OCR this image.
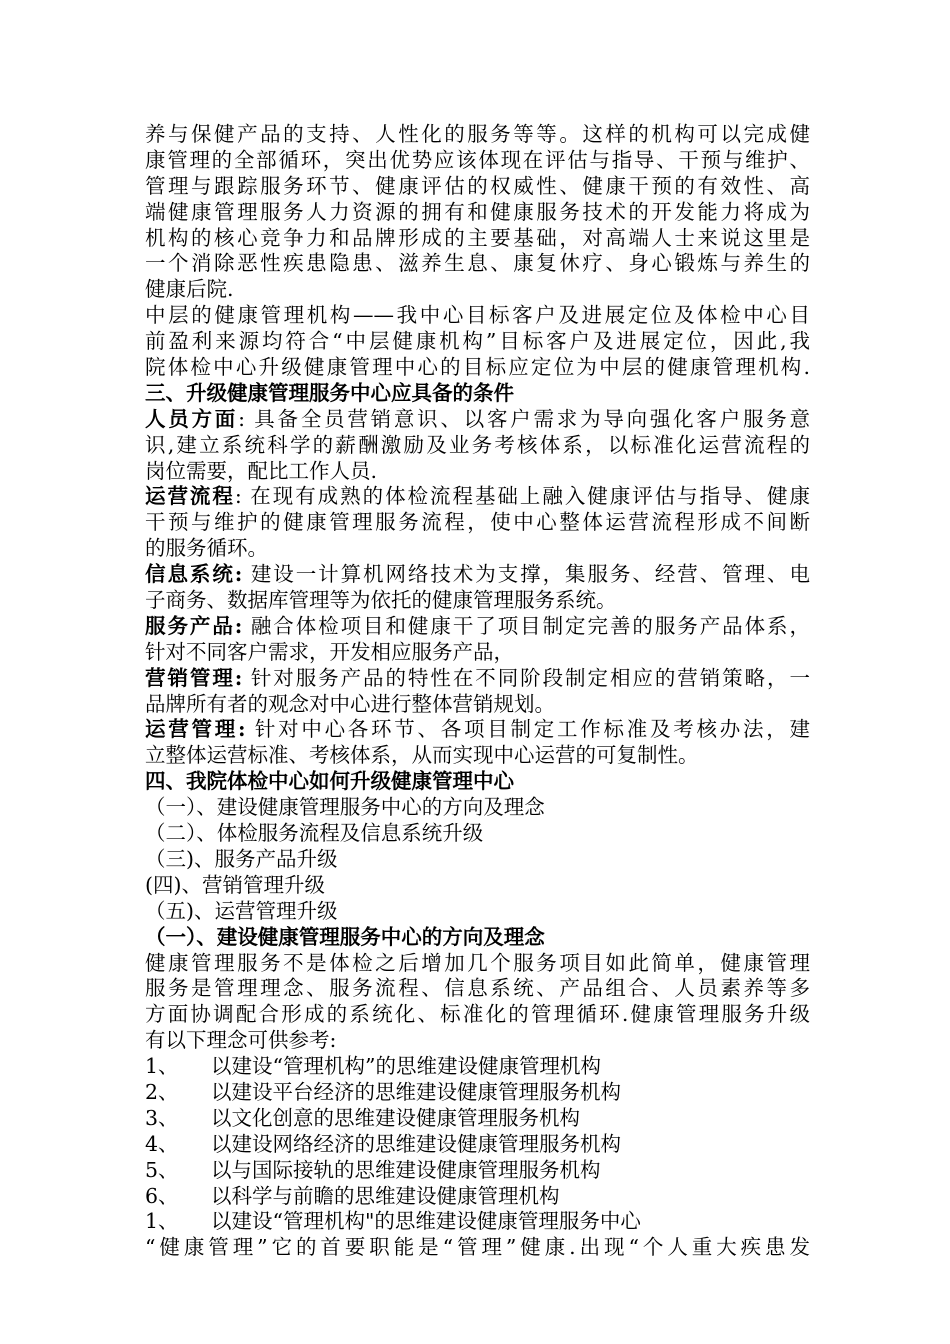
养与保健产品的支持、人性化的服务等等。这样的机构可以完成健
康管理的全部循环，突出优势应该体现在评估与指导、干预与维护、
管理与跟踪服务环节、健康评估的权威性、健康干预的有效性、高
端健康管理服务人力资源的拥有和健康服务技术的开发能力将成为
机构的核心竞争力和品牌形成的主要基础，对高端人士来说这里是
一个消除恶性疾患隐患、滋养生息、康复休疗、身心锻炼与养生的
健康后院.
中层的健康管理机构——我中心目标客户及进展定位及体检中心目
前盈利来源均符合“中层健康机构”目标客户及进展定位，因此,我
院体检中心升级健康管理中心的目标应定位为中层的健康管理机构.
三、升级健康管理服务中心应具备的条件
人员方面: 具备全员营销意识、以客户需求为导向强化客户服务意
识,建立系统科学的薪酬激励及业务考核体系，以标准化运营流程的
岗位需要，配比工作人员.
运营流程: 在现有成熟的体检流程基础上融入健康评估与指导、健康
干预与维护的健康管理服务流程，使中心整体运营流程形成不间断
的服务循环。
信息系统: 建设一计算机网络技术为支撑，集服务、经营、管理、电
子商务、数据库管理等为依托的健康管理服务系统。
服务产品: 融合体检项目和健康干了项目制定完善的服务产品体系，
针对不同客户需求，开发相应服务产品，
营销管理: 针对服务产品的特性在不同阶段制定相应的营销策略，一
品牌所有者的观念对中心进行整体营销规划。
运营管理: 针对中心各环节、各项目制定工作标准及考核办法，建
立整体运营标准、考核体系，从而实现中心运营的可复制性。
四、我院体检中心如何升级健康管理中心
（一）、建设健康管理服务中心的方向及理念
（二）、体检服务流程及信息系统升级
（三)、服务产品升级
(四)、营销管理升级
（五)、运营管理升级
（一）、建设健康管理服务中心的方向及理念
健康管理服务不是体检之后增加几个服务项目如此简单，健康管理
服务是管理理念、服务流程、信息系统、产品组合、人员素养等多
方面协调配合形成的系统化、标准化的管理循环.健康管理服务升级
有以下理念可供参考:
1、 以建设“管理机构”的思维建设健康管理机构
2、 以建设平台经济的思维建设健康管理服务机构
3、 以文化创意的思维建设健康管理服务机构
4、 以建设网络经济的思维建设健康管理服务机构
5、 以与国际接轨的思维建设健康管理服务机构
6、 以科学与前瞻的思维建设健康管理机构
1、 以建设“管理机构"的思维建设健康管理服务中心
“健康管理”它的首要职能是“管理”健康.出现“个人重大疾患发
